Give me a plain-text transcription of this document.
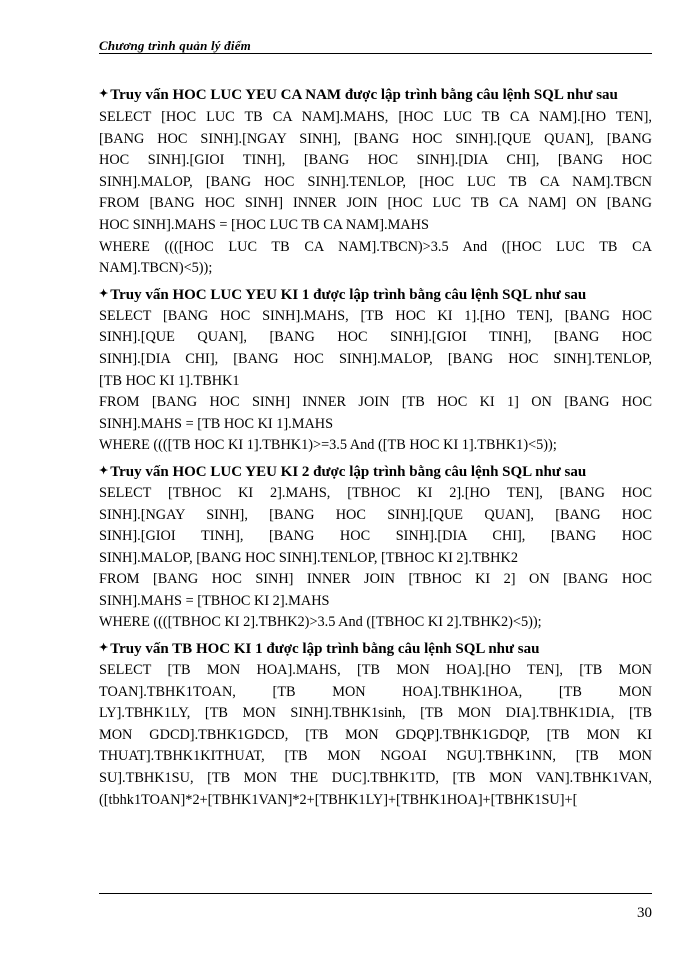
Chương trình quản lý điểm
✦ Truy vấn HOC LUC YEU CA NAM được lập trình bằng câu lệnh SQL như sau
SELECT [HOC LUC TB CA NAM].MAHS, [HOC LUC TB CA NAM].[HO TEN],
[BANG HOC SINH].[NGAY SINH], [BANG HOC SINH].[QUE QUAN], [BANG
HOC SINH].[GIOI TINH], [BANG HOC SINH].[DIA CHI], [BANG HOC
SINH].MALOP, [BANG HOC SINH].TENLOP, [HOC LUC TB CA NAM].TBCN
FROM [BANG HOC SINH] INNER JOIN [HOC LUC TB CA NAM] ON [BANG
HOC SINH].MAHS = [HOC LUC TB CA NAM].MAHS
WHERE ((([HOC LUC TB CA NAM].TBCN)>3.5 And ([HOC LUC TB CA
NAM].TBCN)<5));
✦ Truy vấn HOC LUC YEU KI 1 được lập trình bằng câu lệnh SQL như sau
SELECT [BANG HOC SINH].MAHS, [TB HOC KI 1].[HO TEN], [BANG HOC
SINH].[QUE QUAN], [BANG HOC SINH].[GIOI TINH], [BANG HOC
SINH].[DIA CHI], [BANG HOC SINH].MALOP, [BANG HOC SINH].TENLOP,
[TB HOC KI 1].TBHK1
FROM [BANG HOC SINH] INNER JOIN [TB HOC KI 1] ON [BANG HOC
SINH].MAHS = [TB HOC KI 1].MAHS
WHERE ((([TB HOC KI 1].TBHK1)>=3.5 And ([TB HOC KI 1].TBHK1)<5));
✦ Truy vấn HOC LUC YEU KI 2 được lập trình bằng câu lệnh SQL như sau
SELECT [TBHOC KI 2].MAHS, [TBHOC KI 2].[HO TEN], [BANG HOC
SINH].[NGAY SINH], [BANG HOC SINH].[QUE QUAN], [BANG HOC
SINH].[GIOI TINH], [BANG HOC SINH].[DIA CHI], [BANG HOC
SINH].MALOP, [BANG HOC SINH].TENLOP, [TBHOC KI 2].TBHK2
FROM [BANG HOC SINH] INNER JOIN [TBHOC KI 2] ON [BANG HOC
SINH].MAHS = [TBHOC KI 2].MAHS
WHERE ((([TBHOC KI 2].TBHK2)>3.5 And ([TBHOC KI 2].TBHK2)<5));
✦ Truy vấn TB HOC KI 1 được lập trình bằng câu lệnh SQL như sau
SELECT [TB MON HOA].MAHS, [TB MON HOA].[HO TEN], [TB MON
TOAN].TBHK1TOAN, [TB MON HOA].TBHK1HOA, [TB MON
LY].TBHK1LY, [TB MON SINH].TBHK1sinh, [TB MON DIA].TBHK1DIA, [TB
MON GDCD].TBHK1GDCD, [TB MON GDQP].TBHK1GDQP, [TB MON KI
THUAT].TBHK1KITHUAT, [TB MON NGOAI NGU].TBHK1NN, [TB MON
SU].TBHK1SU, [TB MON THE DUC].TBHK1TD, [TB MON VAN].TBHK1VAN,
([tbhk1TOAN]*2+[TBHK1VAN]*2+[TBHK1LY]+[TBHK1HOA]+[TBHK1SU]+[
30
